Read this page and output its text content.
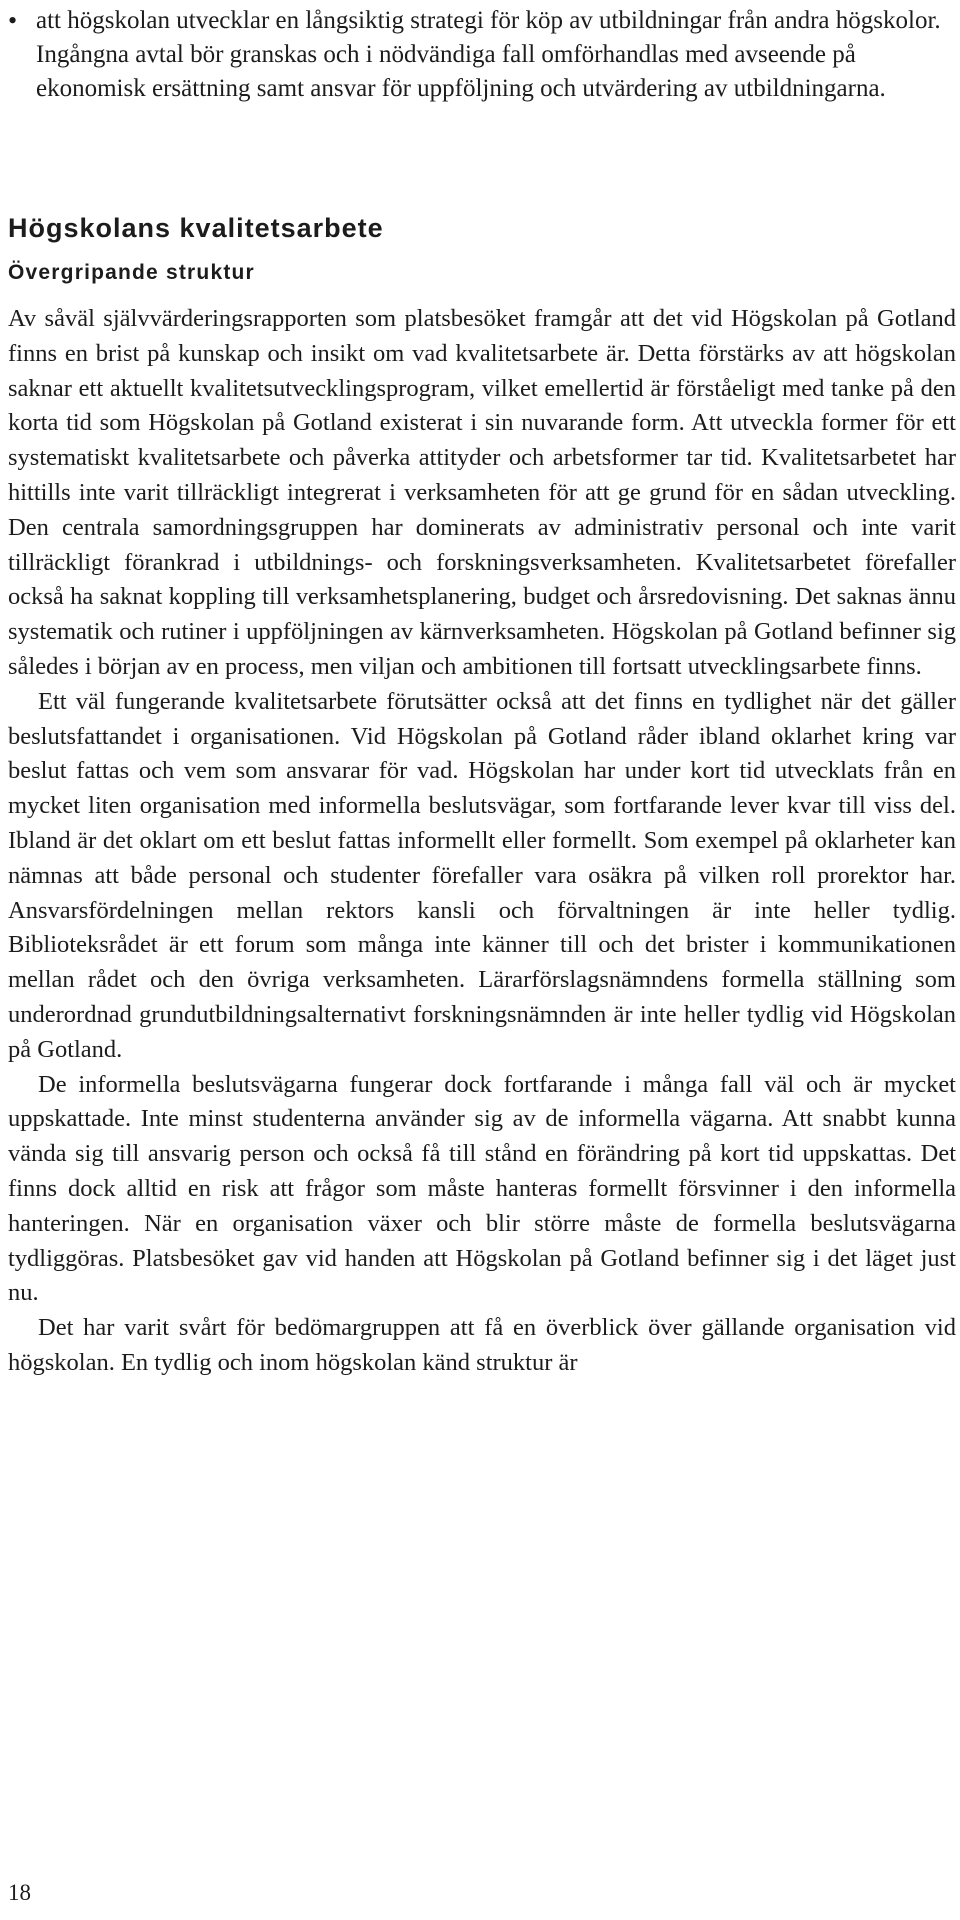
• att högskolan utvecklar en långsiktig strategi för köp av utbildningar från andra högskolor. Ingångna avtal bör granskas och i nödvändiga fall omförhandlas med avseende på ekonomisk ersättning samt ansvar för uppföljning och utvärdering av utbildningarna.

Högskolans kvalitetsarbete
Övergripande struktur

Av såväl självvärderingsrapporten som platsbesöket framgår att det vid Högskolan på Gotland finns en brist på kunskap och insikt om vad kvalitetsarbete är. Detta förstärks av att högskolan saknar ett aktuellt kvalitetsutvecklingsprogram, vilket emellertid är förståeligt med tanke på den korta tid som Högskolan på Gotland existerat i sin nuvarande form. Att utveckla former för ett systematiskt kvalitetsarbete och påverka attityder och arbetsformer tar tid. Kvalitetsarbetet har hittills inte varit tillräckligt integrerat i verksamheten för att ge grund för en sådan utveckling. Den centrala samordningsgruppen har dominerats av administrativ personal och inte varit tillräckligt förankrad i utbildnings- och forskningsverksamheten. Kvalitetsarbetet förefaller också ha saknat koppling till verksamhetsplanering, budget och årsredovisning. Det saknas ännu systematik och rutiner i uppföljningen av kärnverksamheten. Högskolan på Gotland befinner sig således i början av en process, men viljan och ambitionen till fortsatt utvecklingsarbete finns.

Ett väl fungerande kvalitetsarbete förutsätter också att det finns en tydlighet när det gäller beslutsfattandet i organisationen. Vid Högskolan på Gotland råder ibland oklarhet kring var beslut fattas och vem som ansvarar för vad. Högskolan har under kort tid utvecklats från en mycket liten organisation med informella beslutsvägar, som fortfarande lever kvar till viss del. Ibland är det oklart om ett beslut fattas informellt eller formellt. Som exempel på oklarheter kan nämnas att både personal och studenter förefaller vara osäkra på vilken roll prorektor har. Ansvarsfördelningen mellan rektors kansli och förvaltningen är inte heller tydlig. Biblioteksrådet är ett forum som många inte känner till och det brister i kommunikationen mellan rådet och den övriga verksamheten. Lärarförslagsnämndens formella ställning som underordnad grundutbildningsalternativt forskningsnämnden är inte heller tydlig vid Högskolan på Gotland.

De informella beslutsvägarna fungerar dock fortfarande i många fall väl och är mycket uppskattade. Inte minst studenterna använder sig av de informella vägarna. Att snabbt kunna vända sig till ansvarig person och också få till stånd en förändring på kort tid uppskattas. Det finns dock alltid en risk att frågor som måste hanteras formellt försvinner i den informella hanteringen. När en organisation växer och blir större måste de formella beslutsvägarna tydliggöras. Platsbesöket gav vid handen att Högskolan på Gotland befinner sig i det läget just nu.

Det har varit svårt för bedömargruppen att få en överblick över gällande organisation vid högskolan. En tydlig och inom högskolan känd struktur är

18
